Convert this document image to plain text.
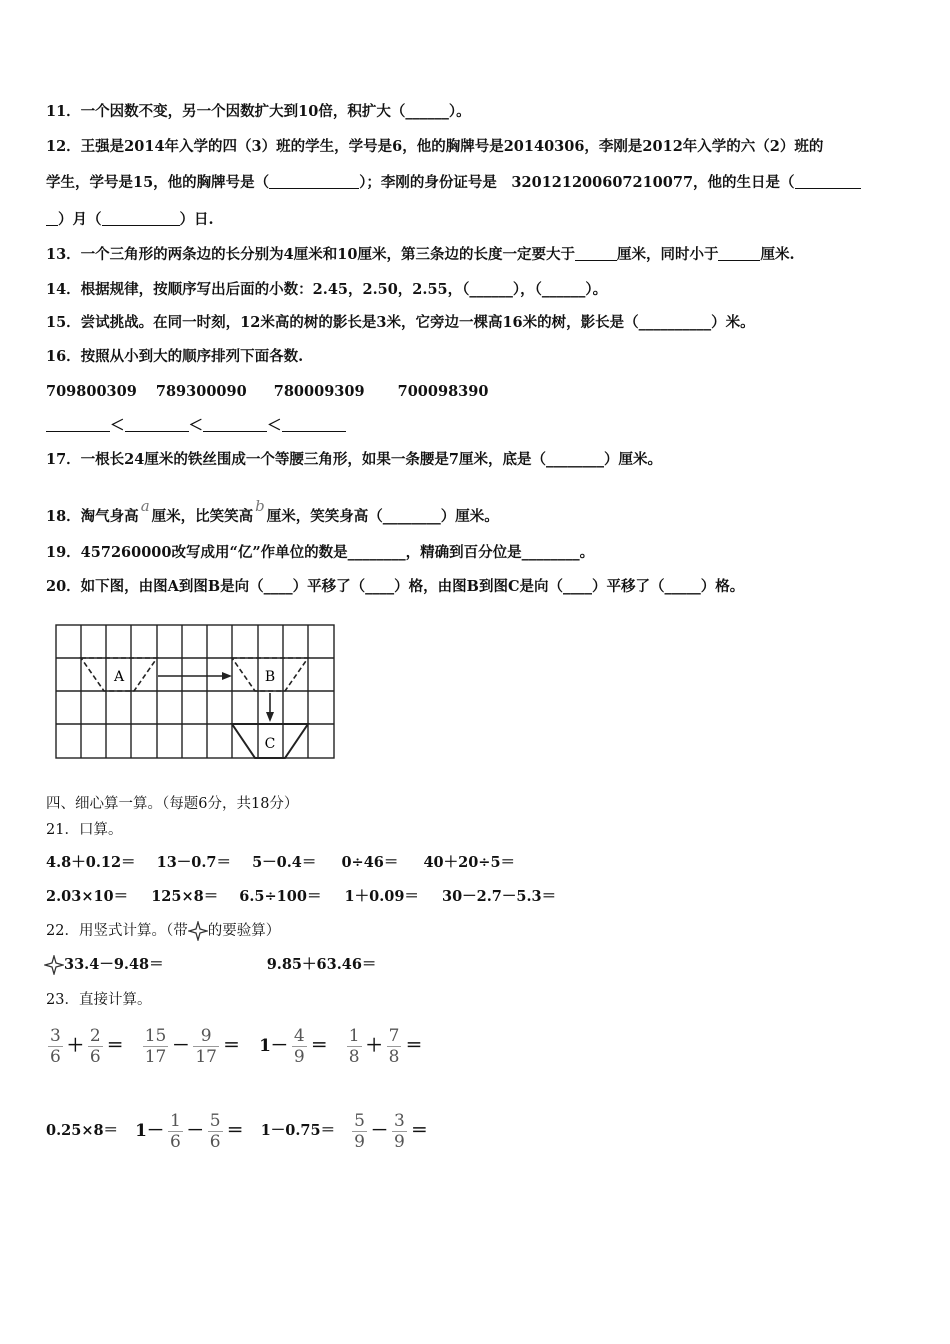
11．一个因数不变，另一个因数扩大到10倍，积扩大（______）。
12．王强是2014年入学的四（3）班的学生，学号是6，他的胸牌号是20140306，李刚是2012年入学的六（2）班的
学生，学号是15，他的胸牌号是（	）；李刚的身份证号是　320121200607210077，他的生日是（
）月（	）日.
13．一个三角形的两条边的长分别为4厘米和10厘米，第三条边的长度一定要大于	厘米，同时小于	厘米.
14．根据规律，按顺序写出后面的小数：2.45，2.50，2.55，（______），（______）。
15．尝试挑战。在同一时刻，12米高的树的影长是3米，它旁边一棵高16米的树，影长是（__________）米。
16．按照从小到大的顺序排列下面各数.
709800309 789300090 780009309 700098390
＜	＜	＜
17．一根长24厘米的铁丝围成一个等腰三角形，如果一条腰是7厘米，底是（________）厘米。
18．淘气身高a厘米，比笑笑高b厘米，笑笑身高（________）厘米。
19．457260000改写成用“亿”作单位的数是________，精确到百分位是________。
20．如下图，由图A到图B是向（____）平移了（____）格，由图B到图C是向（____）平移了（_____）格。
A	B
C
四、细心算一算。（每题6分，共18分）
21．口算。
4.8＋0.12＝ 13－0.7＝ 5－0.4＝ 0÷46＝ 40＋20÷5＝
2.03×10＝ 125×8＝ 6.5÷100＝ 1＋0.09＝ 30－2.7－5.3＝
22．用竖式计算。（带 的要验算）
33.4－9.48＝	9.85＋63.46＝
23．直接计算。
$\frac{3}{6} + \frac{2}{6} = \frac{15}{17} - \frac{9}{17} = 1- \frac{4}{9} = \frac{1}{8} + \frac{7}{8}$ ＝
$0.25\times 8= 1- \frac{1}{6} - \frac{5}{6} = 1-0.75= \frac{5}{9} - \frac{3}{9}$ ＝
